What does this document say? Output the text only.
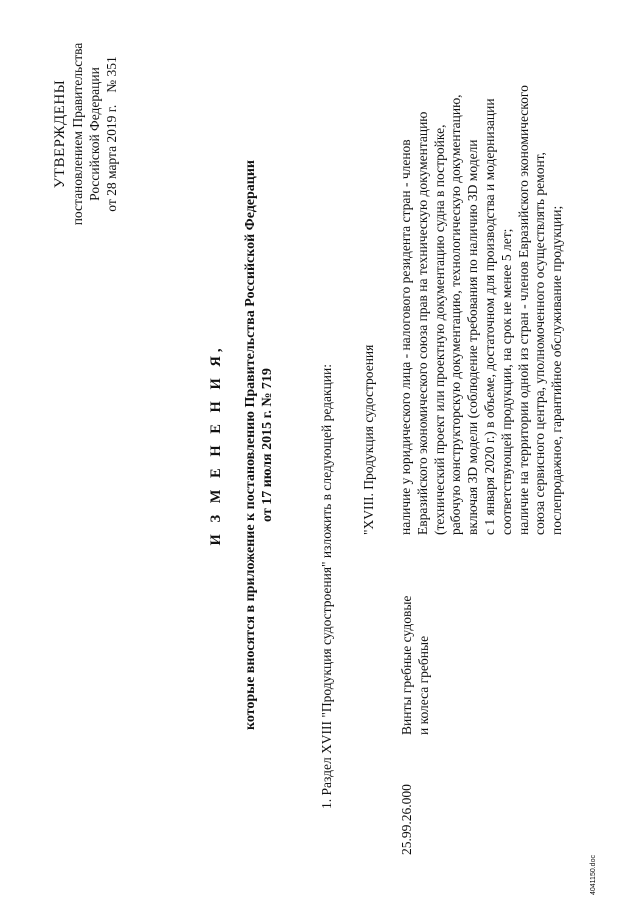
УТВЕРЖДЕНЫ постановлением Правительства Российской Федерации от 28 марта 2019 г.№ 351
И З М Е Н Е Н И Я, которые вносятся в приложение к постановлению Правительства Российской Федерации от 17 июля 2015 г. № 719	1. Раздел XVIII "Продукция судостроения" изложить в следующей редакции: "XVIII. Продукция судостроения
25.99.26.000
Винты гребные судовые и колеса гребные
наличие у юридического лица - налогового резидента стран - членов Евразийского экономического союза прав на техническую документацию (технический проект или проектную документацию судна в постройке, рабочую конструкторскую документацию, технологическую документацию, включая 3D модели (соблюдение требования по наличию 3D модели с 1 января 2020 г.) в объеме, достаточном для производства и модернизации соответствующей продукции, на срок не менее 5 лет; наличие на территории одной из стран - членов Евразийского экономического союза сервисного центра, уполномоченного осуществлять ремонт, послепродажное, гарантийное обслуживание продукции;
4041150.doc
